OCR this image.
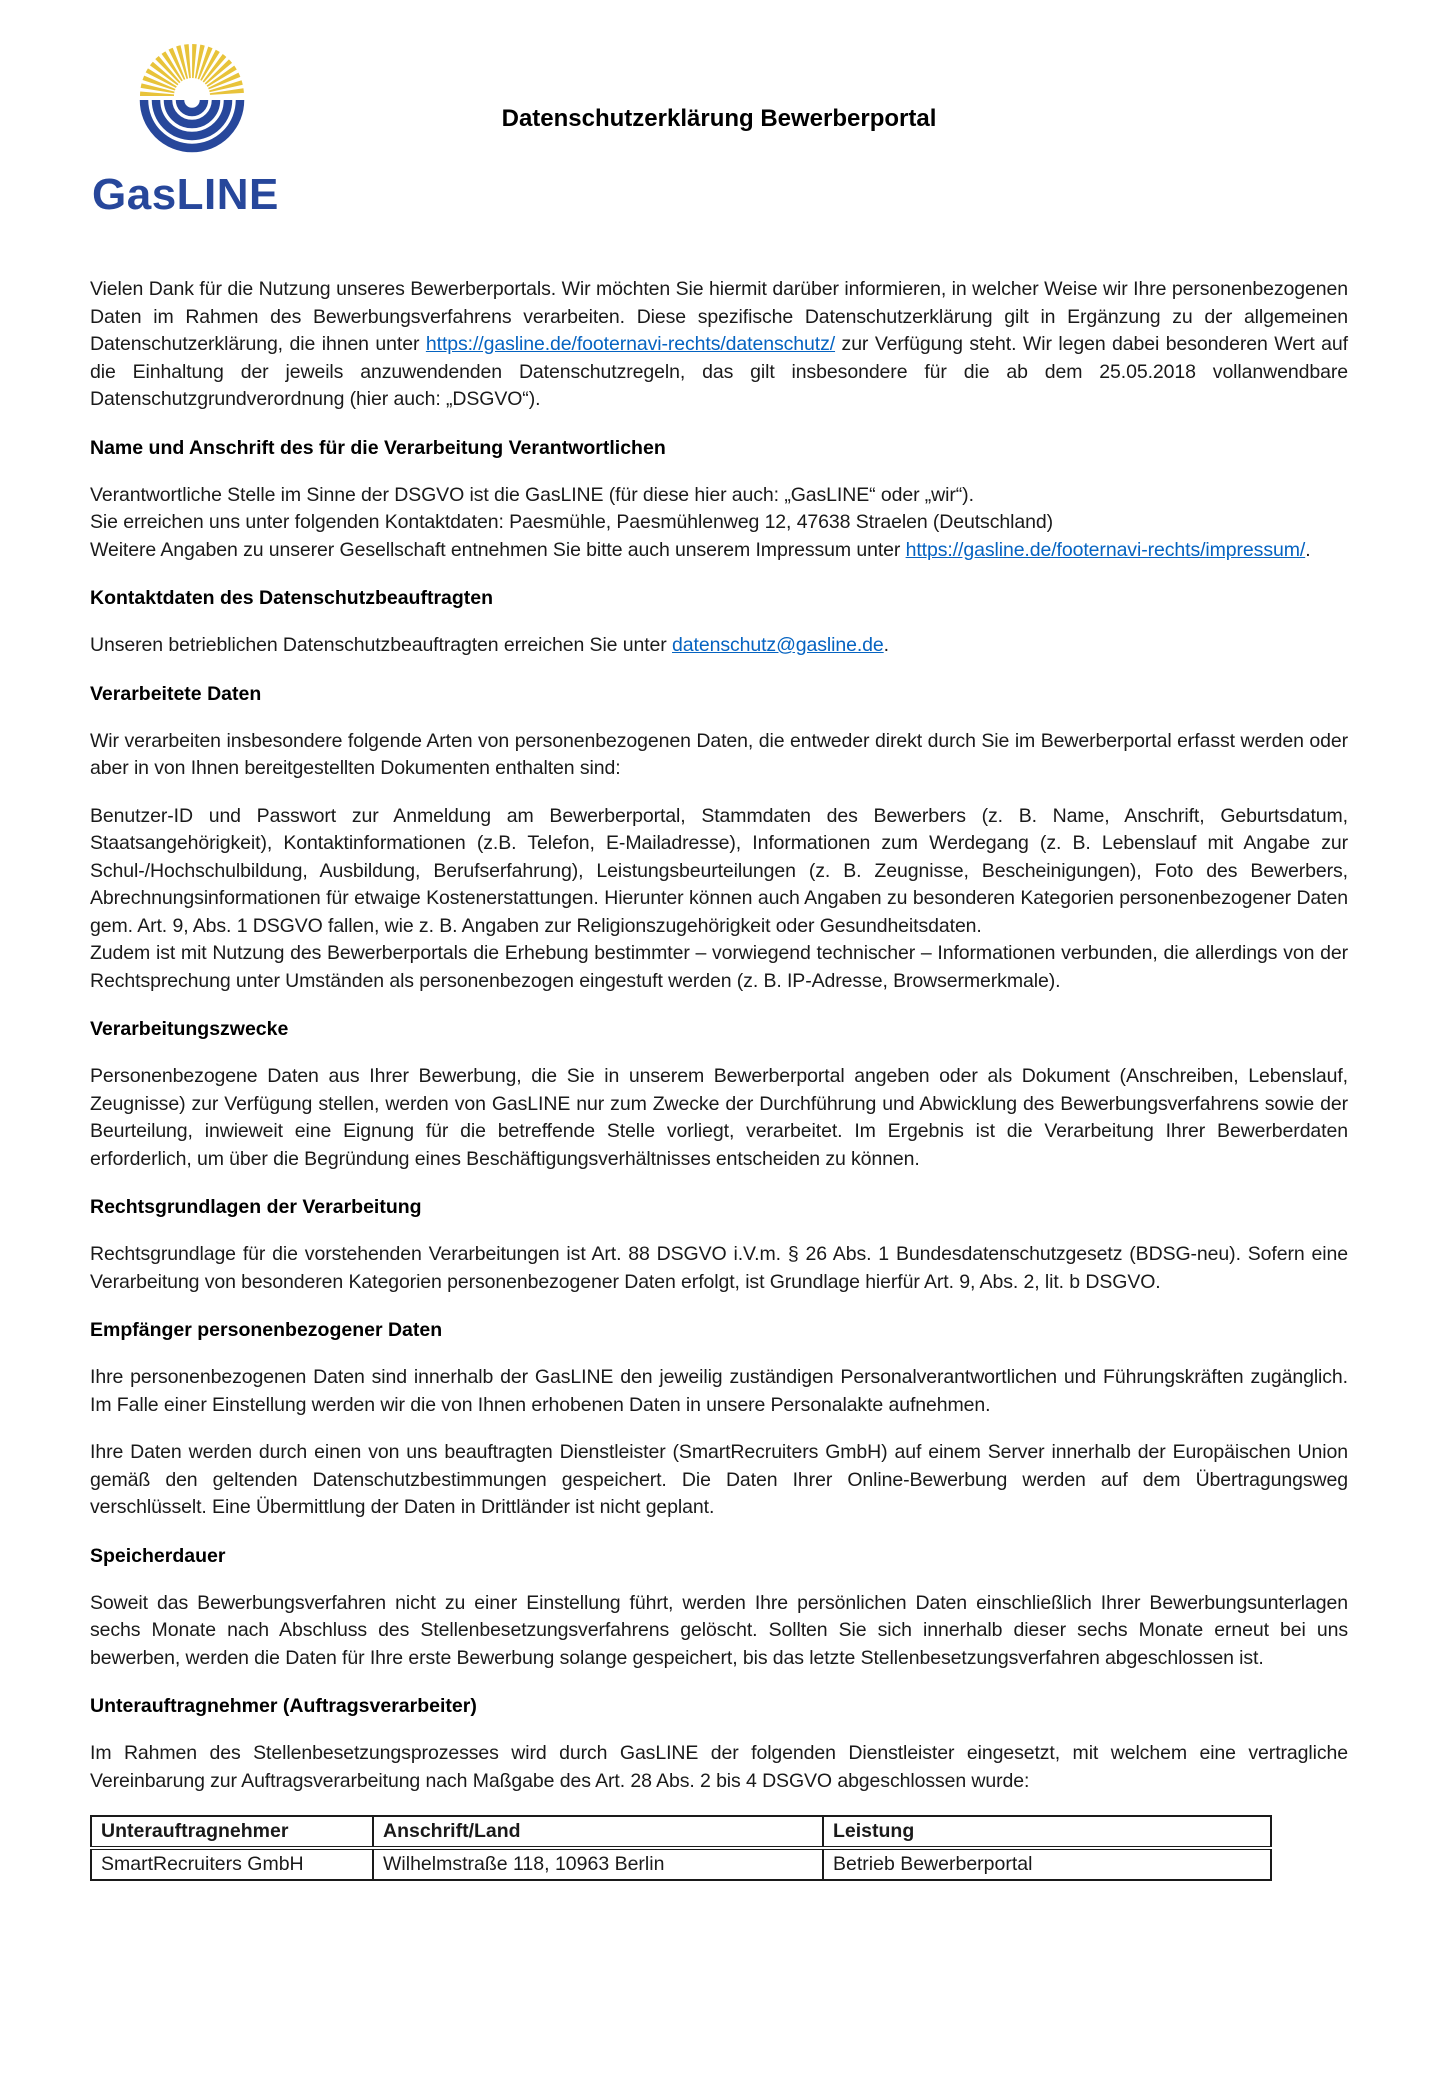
GasLINE
Datenschutzerklärung Bewerberportal

Vielen Dank für die Nutzung unseres Bewerberportals. Wir möchten Sie hiermit darüber informieren, in welcher Weise wir Ihre personenbezogenen Daten im Rahmen des Bewerbungsverfahrens verarbeiten. Diese spezifische Datenschutzerklärung gilt in Ergänzung zu der allgemeinen Datenschutzerklärung, die ihnen unter https://gasline.de/footernavi-rechts/datenschutz/ zur Verfügung steht. Wir legen dabei besonderen Wert auf die Einhaltung der jeweils anzuwendenden Datenschutzregeln, das gilt insbesondere für die ab dem 25.05.2018 vollanwendbare Datenschutzgrundverordnung (hier auch: „DSGVO“).

Name und Anschrift des für die Verarbeitung Verantwortlichen

Verantwortliche Stelle im Sinne der DSGVO ist die GasLINE (für diese hier auch: „GasLINE“ oder „wir“).

Sie erreichen uns unter folgenden Kontaktdaten: Paesmühle, Paesmühlenweg 12, 47638 Straelen (Deutschland)

Weitere Angaben zu unserer Gesellschaft entnehmen Sie bitte auch unserem Impressum unter https://gasline.de/footernavi-rechts/impressum/.

Kontaktdaten des Datenschutzbeauftragten

Unseren betrieblichen Datenschutzbeauftragten erreichen Sie unter datenschutz@gasline.de.

Verarbeitete Daten

Wir verarbeiten insbesondere folgende Arten von personenbezogenen Daten, die entweder direkt durch Sie im Bewerberportal erfasst werden oder aber in von Ihnen bereitgestellten Dokumenten enthalten sind:

Benutzer-ID und Passwort zur Anmeldung am Bewerberportal, Stammdaten des Bewerbers (z. B. Name, Anschrift, Geburtsdatum, Staatsangehörigkeit), Kontaktinformationen (z.B. Telefon, E-Mailadresse), Informationen zum Werdegang (z. B. Lebenslauf mit Angabe zur Schul-/Hochschulbildung, Ausbildung, Berufserfahrung), Leistungsbeurteilungen (z. B. Zeugnisse, Bescheinigungen), Foto des Bewerbers, Abrechnungsinformationen für etwaige Kostenerstattungen. Hierunter können auch Angaben zu besonderen Kategorien personenbezogener Daten gem. Art. 9, Abs. 1 DSGVO fallen, wie z. B. Angaben zur Religionszugehörigkeit oder Gesundheitsdaten.

Zudem ist mit Nutzung des Bewerberportals die Erhebung bestimmter – vorwiegend technischer – Informationen verbunden, die allerdings von der Rechtsprechung unter Umständen als personenbezogen eingestuft werden (z. B. IP-Adresse, Browsermerkmale).

Verarbeitungszwecke

Personenbezogene Daten aus Ihrer Bewerbung, die Sie in unserem Bewerberportal angeben oder als Dokument (Anschreiben, Lebenslauf, Zeugnisse) zur Verfügung stellen, werden von GasLINE nur zum Zwecke der Durchführung und Abwicklung des Bewerbungsverfahrens sowie der Beurteilung, inwieweit eine Eignung für die betreffende Stelle vorliegt, verarbeitet. Im Ergebnis ist die Verarbeitung Ihrer Bewerberdaten erforderlich, um über die Begründung eines Beschäftigungsverhältnisses entscheiden zu können.

Rechtsgrundlagen der Verarbeitung

Rechtsgrundlage für die vorstehenden Verarbeitungen ist Art. 88 DSGVO i.V.m. § 26 Abs. 1 Bundesdatenschutzgesetz (BDSG-neu). Sofern eine Verarbeitung von besonderen Kategorien personenbezogener Daten erfolgt, ist Grundlage hierfür Art. 9, Abs. 2, lit. b DSGVO.

Empfänger personenbezogener Daten

Ihre personenbezogenen Daten sind innerhalb der GasLINE den jeweilig zuständigen Personalverantwortlichen und Führungskräften zugänglich. Im Falle einer Einstellung werden wir die von Ihnen erhobenen Daten in unsere Personalakte aufnehmen.

Ihre Daten werden durch einen von uns beauftragten Dienstleister (SmartRecruiters GmbH) auf einem Server innerhalb der Europäischen Union gemäß den geltenden Datenschutzbestimmungen gespeichert. Die Daten Ihrer Online-Bewerbung werden auf dem Übertragungsweg verschlüsselt. Eine Übermittlung der Daten in Drittländer ist nicht geplant.

Speicherdauer

Soweit das Bewerbungsverfahren nicht zu einer Einstellung führt, werden Ihre persönlichen Daten einschließlich Ihrer Bewerbungsunterlagen sechs Monate nach Abschluss des Stellenbesetzungsverfahrens gelöscht. Sollten Sie sich innerhalb dieser sechs Monate erneut bei uns bewerben, werden die Daten für Ihre erste Bewerbung solange gespeichert, bis das letzte Stellenbesetzungsverfahren abgeschlossen ist.

Unterauftragnehmer (Auftragsverarbeiter)

Im Rahmen des Stellenbesetzungsprozesses wird durch GasLINE der folgenden Dienstleister eingesetzt, mit welchem eine vertragliche Vereinbarung zur Auftragsverarbeitung nach Maßgabe des Art. 28 Abs. 2 bis 4 DSGVO abgeschlossen wurde:

Unterauftragnehmer	Anschrift/Land	Leistung
SmartRecruiters GmbH	Wilhelmstraße 118, 10963 Berlin	Betrieb Bewerberportal
